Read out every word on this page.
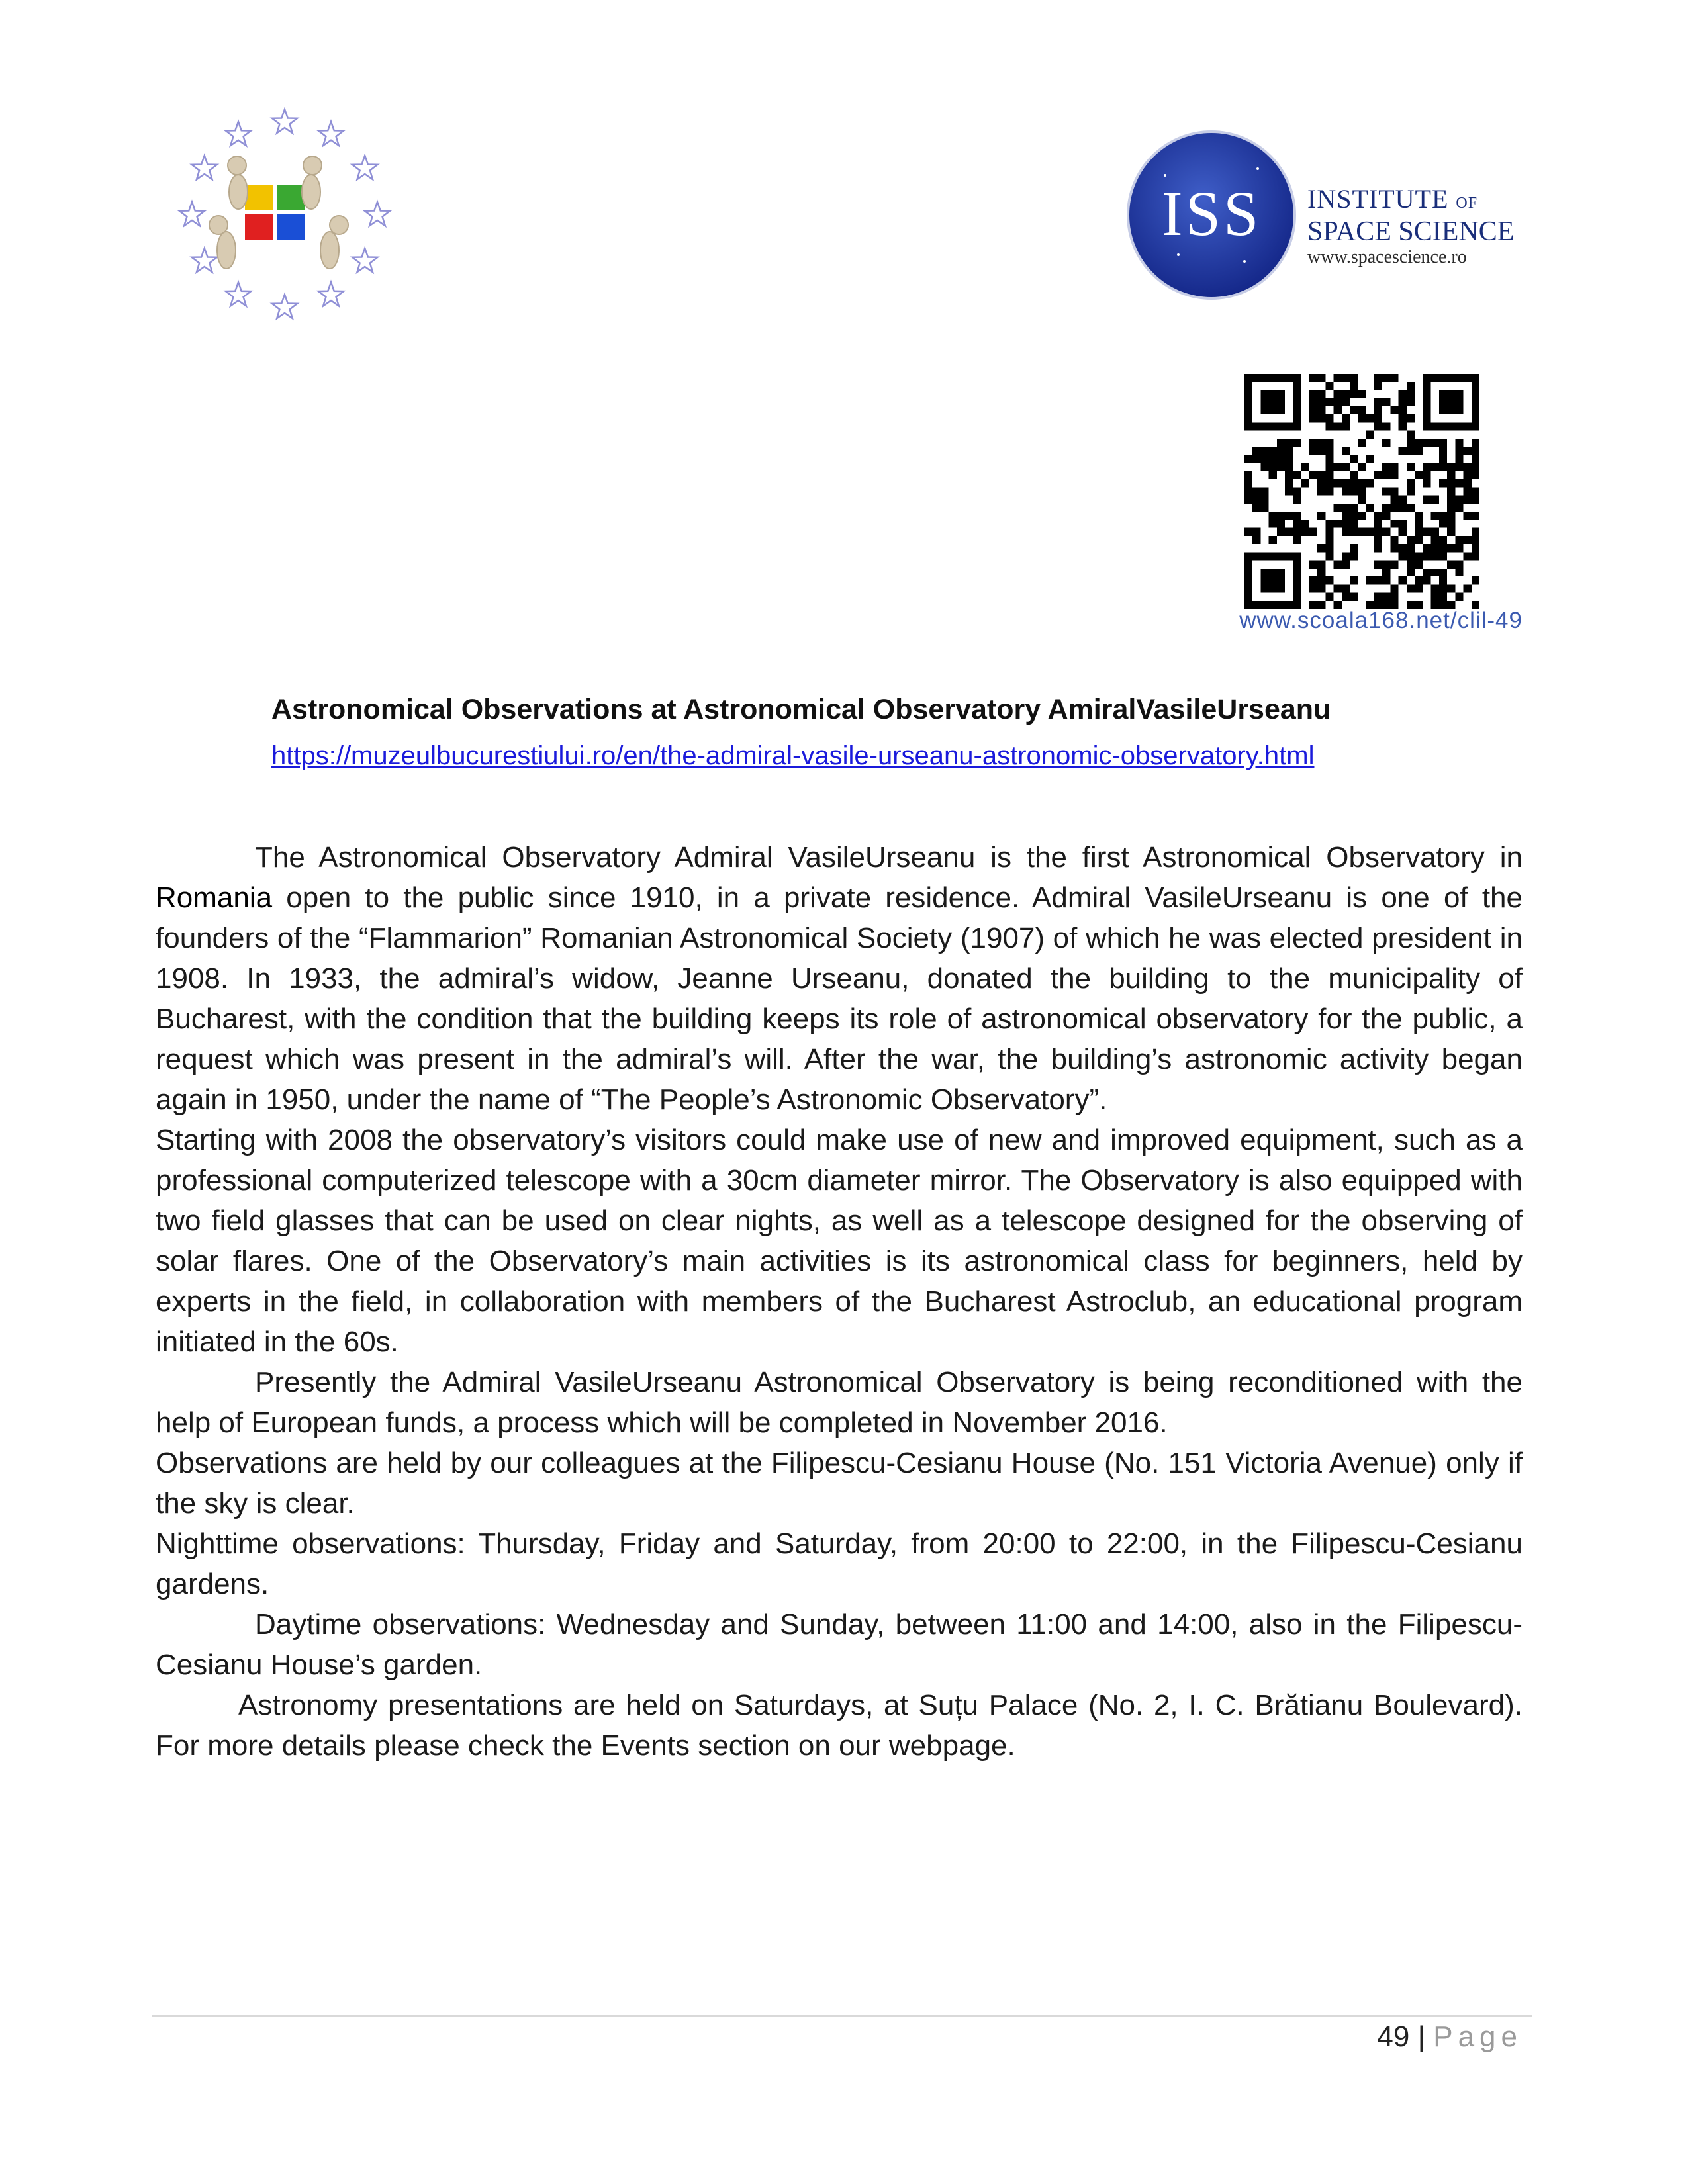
ISS INSTITUTE OF
SPACE SCIENCE
www.spacescience.ro
www.scoala168.net/clil-49
Astronomical Observations at Astronomical Observatory AmiralVasileUrseanu
https://muzeulbucurestiului.ro/en/the-admiral-vasile-urseanu-astronomic-observatory.html

The Astronomical Observatory Admiral VasileUrseanu is the first Astronomical Observatory in Romania open to the public since 1910, in a private residence. Admiral VasileUrseanu is one of the founders of the “Flammarion” Romanian Astronomical Society (1907) of which he was elected president in 1908. In 1933, the admiral’s widow, Jeanne Urseanu, donated the building to the municipality of Bucharest, with the condition that the building keeps its role of astronomical observatory for the public, a request which was present in the admiral’s will. After the war, the building’s astronomic activity began again in 1950, under the name of “The People’s Astronomic Observatory”.

Starting with 2008 the observatory’s visitors could make use of new and improved equipment, such as a professional computerized telescope with a 30cm diameter mirror. The Observatory is also equipped with two field glasses that can be used on clear nights, as well as a telescope designed for the observing of solar flares. One of the Observatory’s main activities is its astronomical class for beginners, held by experts in the field, in collaboration with members of the Bucharest Astroclub, an educational program initiated in the 60s.

Presently the Admiral VasileUrseanu Astronomical Observatory is being reconditioned with the help of European funds, a process which will be completed in November 2016.

Observations are held by our colleagues at the Filipescu-Cesianu House (No. 151 Victoria Avenue) only if the sky is clear.

Nighttime observations: Thursday, Friday and Saturday, from 20:00 to 22:00, in the Filipescu-Cesianu gardens.

Daytime observations: Wednesday and Sunday, between 11:00 and 14:00, also in the Filipescu-Cesianu House’s garden.

Astronomy presentations are held on Saturdays, at Suțu Palace (No. 2, I. C. Brătianu Boulevard). For more details please check the Events section on our webpage.

49 | Page
